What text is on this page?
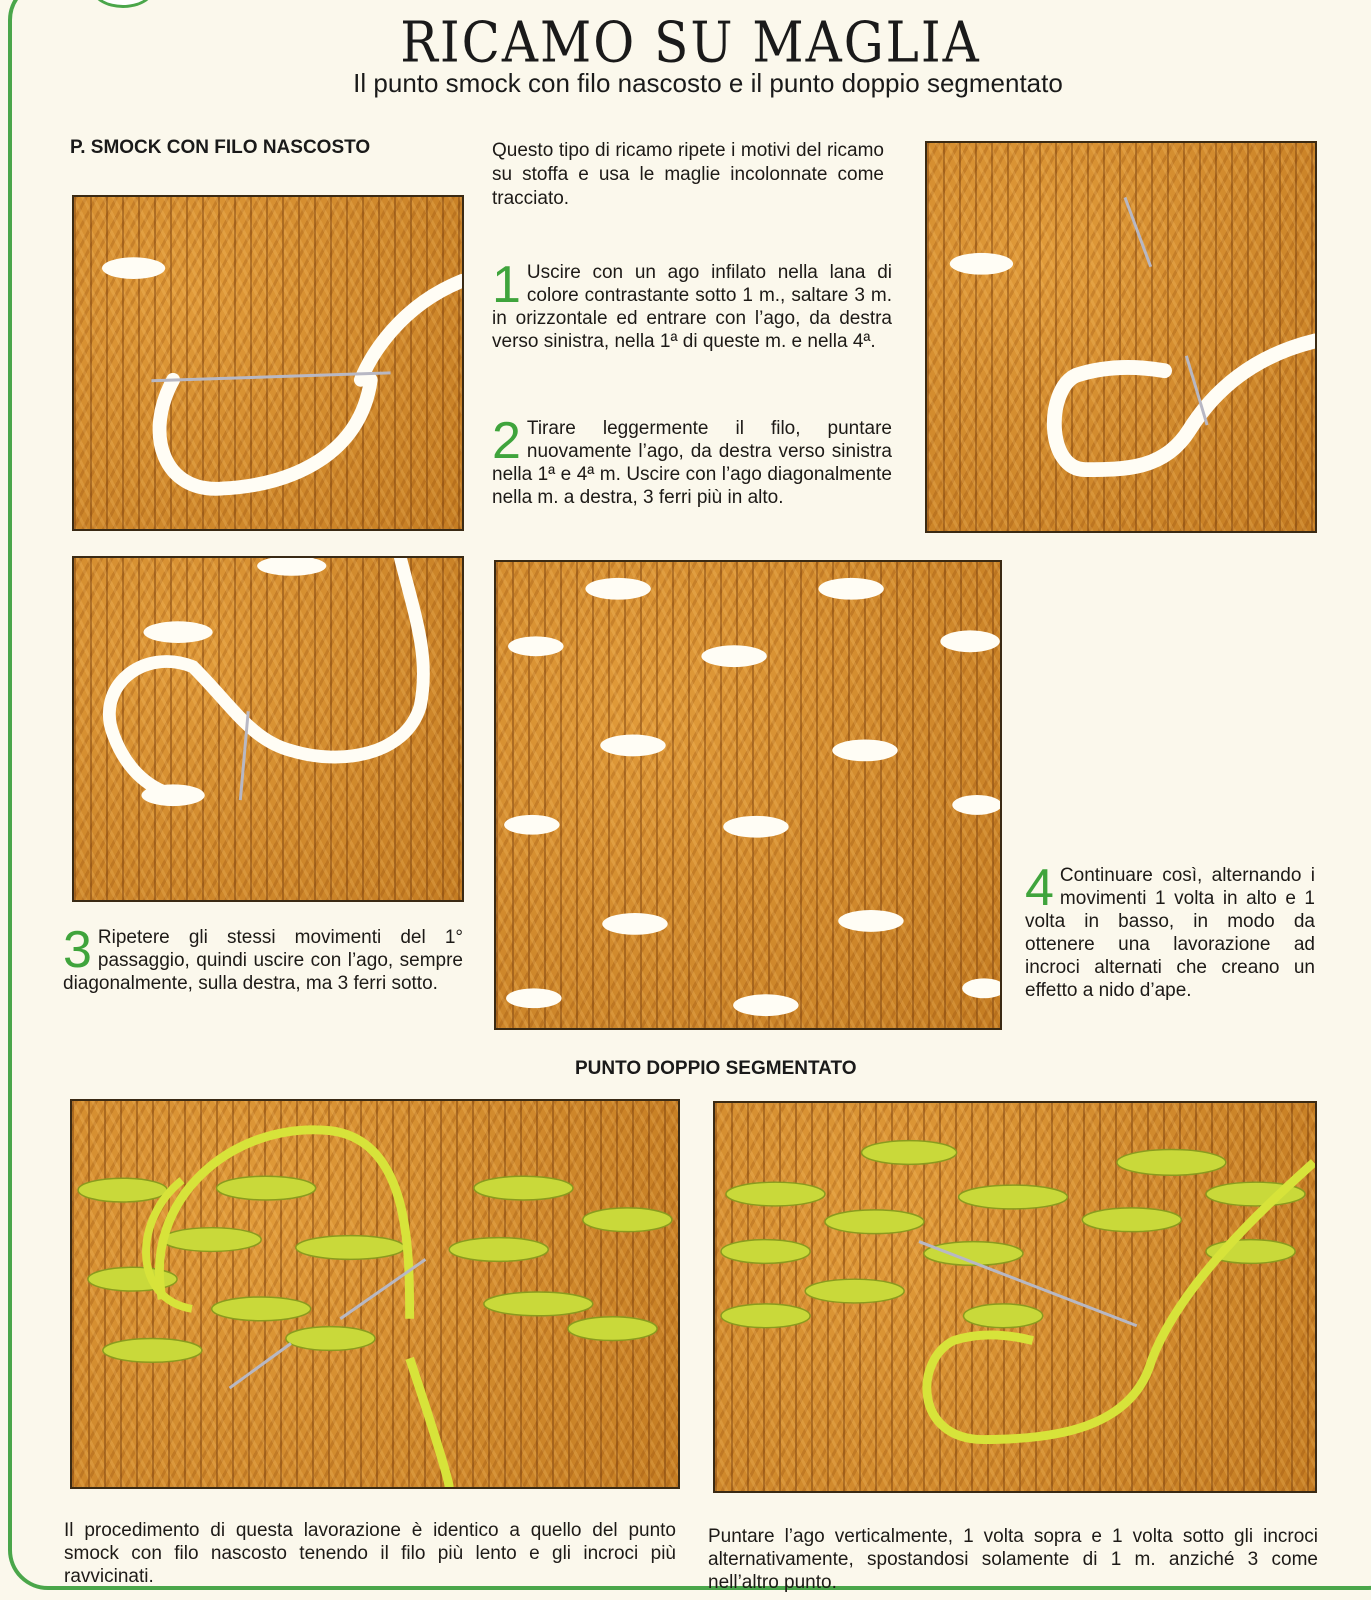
RICAMO SU MAGLIA
Il punto smock con filo nascosto e il punto doppio segmentato
P. SMOCK CON FILO NASCOSTO	Questo tipo di ricamo ripete i motivi del ricamo su stoffa e usa le maglie incolonnate come tracciato.
1 Uscire con un ago infilato nella lana di colore contrastante sotto 1 m., saltare 3 m. in orizzontale ed entrare con l’ago, da destra verso sinistra, nella 1ª di queste m. e nella 4ª.
2 Tirare leggermente il filo, puntare nuovamente l’ago, da destra verso sinistra nella 1ª e 4ª m. Uscire con l’ago diagonalmente nella m. a destra, 3 ferri più in alto.
3 Ripetere gli stessi movimenti del 1° passaggio, quindi uscire con l’ago, sempre diagonalmente, sulla destra, ma 3 ferri sotto.
4 Continuare così, alternando i movimenti 1 volta in alto e 1 volta in basso, in modo da ottenere una lavorazione ad incroci alternati che creano un effetto a nido d’ape.
PUNTO DOPPIO SEGMENTATO
Il procedimento di questa lavorazione è identico a quello del punto smock con filo nascosto tenendo il filo più lento e gli incroci più ravvicinati.
Puntare l’ago verticalmente, 1 volta sopra e 1 volta sotto gli incroci alternativamente, spostandosi solamente di 1 m. anziché 3 come nell’altro punto.
